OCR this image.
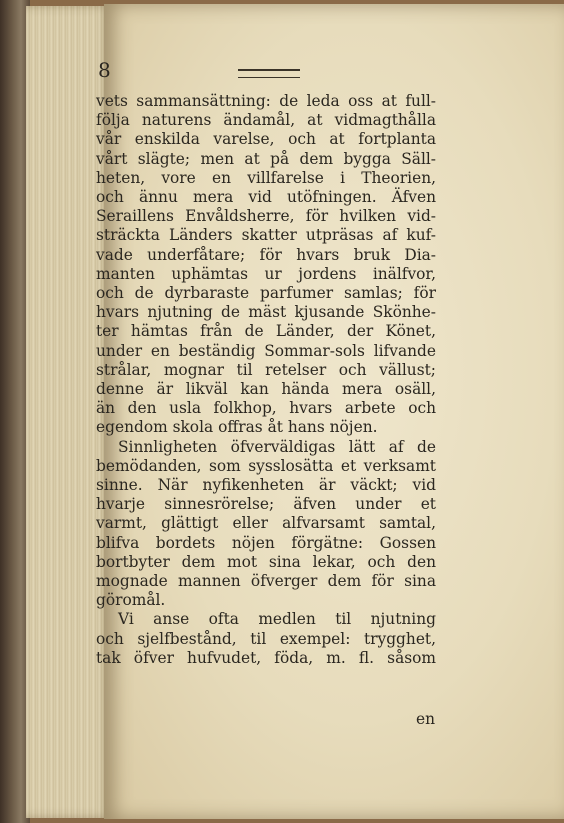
8
vets sammansättning: de leda oss at full-
följa naturens ändamål, at vidmagthålla
vår enskilda varelse, och at fortplanta
vårt slägte; men at på dem bygga Säll-
heten, vore en villfarelse i Theorien,
och ännu mera vid utöfningen. Äfven
Seraillens Envåldsherre, för hvilken vid-
sträckta Länders skatter utpräsas af kuf-
vade underfåtare; för hvars bruk Dia-
manten uphämtas ur jordens inälfvor,
och de dyrbaraste parfumer samlas; för
hvars njutning de mäst kjusande Skönhe-
ter hämtas från de Länder, der Könet,
under en beständig Sommar-sols lifvande
strålar, mognar til retelser och vällust;
denne är likväl kan hända mera osäll,
än den usla folkhop, hvars arbete och
egendom skola offras åt hans nöjen.
Sinnligheten öfverväldigas lätt af de
bemödanden, som sysslosätta et verksamt
sinne. När nyfikenheten är väckt; vid
hvarje sinnesrörelse; äfven under et
varmt, glättigt eller alfvarsamt samtal,
blifva bordets nöjen förgätne: Gossen
bortbyter dem mot sina lekar, och den
mognade mannen öfverger dem för sina
göromål.
Vi anse ofta medlen til njutning
och sjelfbestånd, til exempel: trygghet,
tak öfver hufvudet, föda, m. fl. såsom
en
